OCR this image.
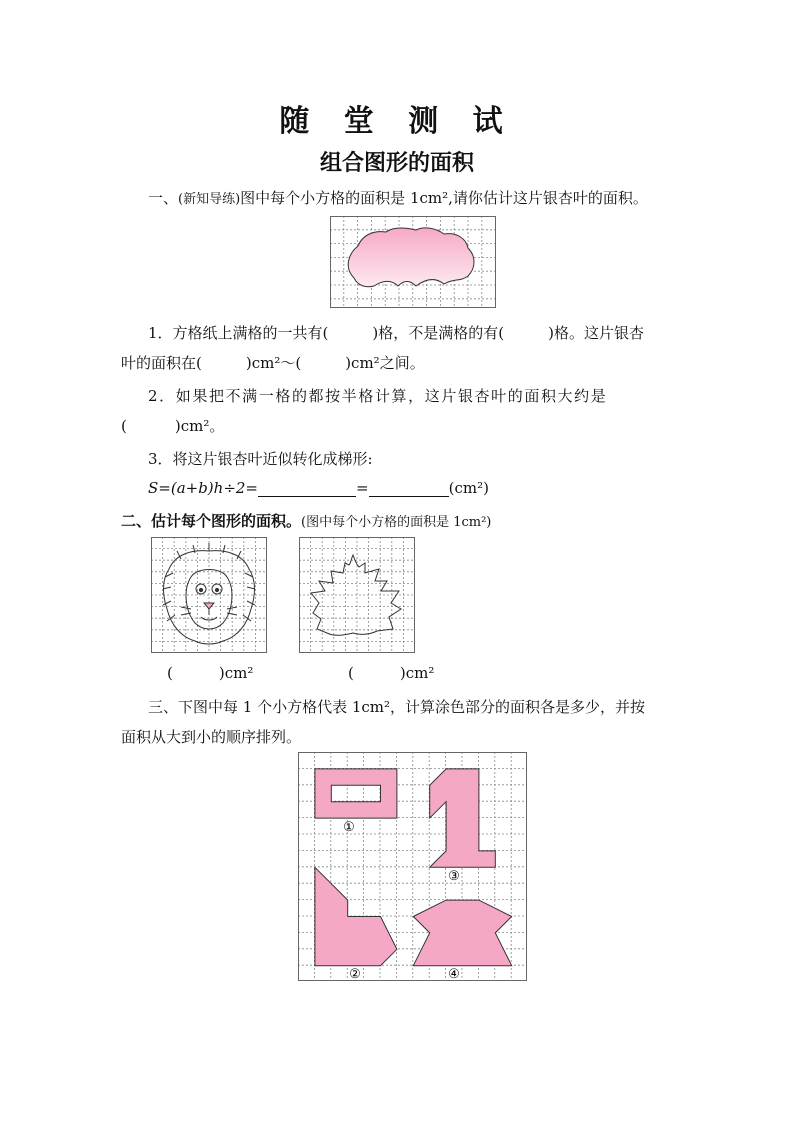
随 堂 测 试
组合图形的面积
一、(新知导练)图中每个小方格的面积是 1cm²,请你估计这片银杏叶的面积。
1．方格纸上满格的一共有(	)格，不是满格的有(	)格。这片银杏
叶的面积在(	)cm²～(	)cm²之间。
2．如果把不满一格的都按半格计算，这片银杏叶的面积大约是
(	)cm²。
3．将这片银杏叶近似转化成梯形:
S=(a+b)h÷2=	=	(cm²)
二、估计每个图形的面积。(图中每个小方格的面积是 1cm²)
(	)cm²	(	)cm²
三、下图中每 1 个小方格代表 1cm²，计算涂色部分的面积各是多少，并按
面积从大到小的顺序排列。
①
②
③
④
